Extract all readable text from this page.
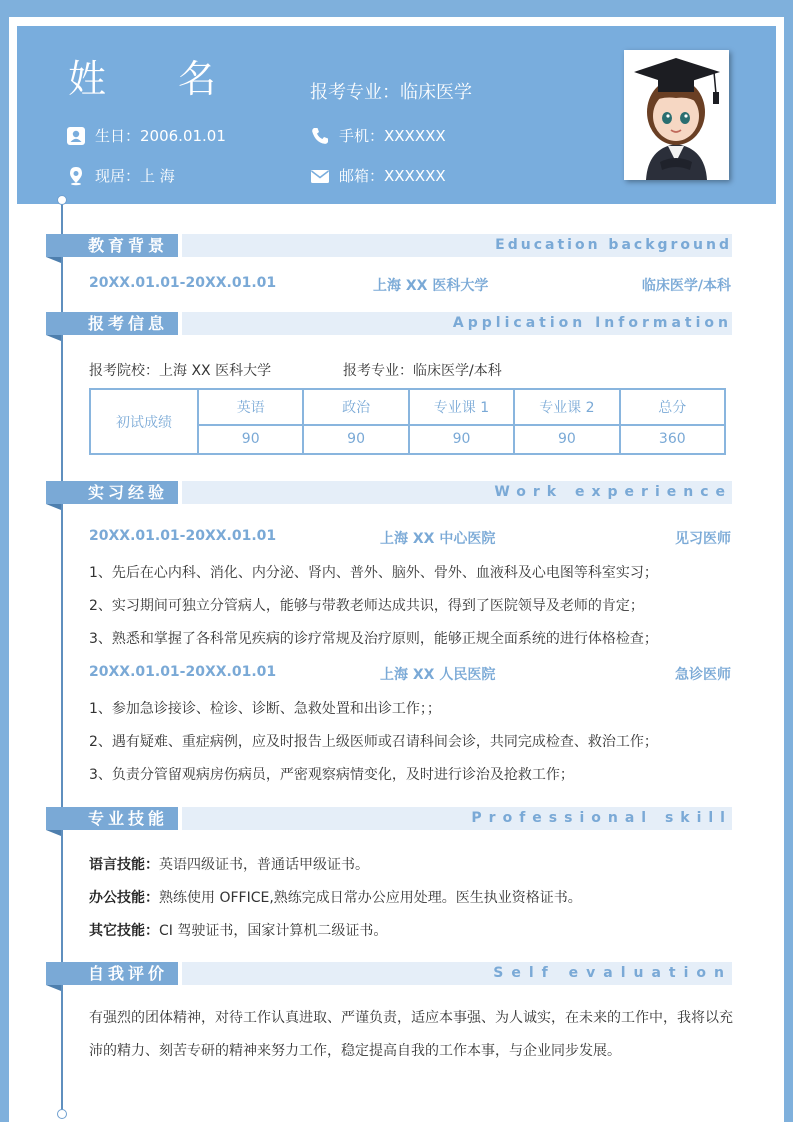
姓名 报考专业：临床医学
生日：2006.01.01	手机：XXXXXX
现居：上 海	邮箱：XXXXXX
教育背景	Education background
20XX.01.01-20XX.01.01	上海 XX 医科大学	临床医学/本科
报考信息	Application Information
报考院校：上海 XX 医科大学	报考专业：临床医学/本科
初试成绩	英语	政治	专业课 1	专业课 2	总分
	90	90	90	90	360
实习经验	Work experience
20XX.01.01-20XX.01.01	上海 XX 中心医院	见习医师
1、先后在心内科、消化、内分泌、肾内、普外、脑外、骨外、血液科及心电图等科室实习；
2、实习期间可独立分管病人，能够与带教老师达成共识，得到了医院领导及老师的肯定；
3、熟悉和掌握了各科常见疾病的诊疗常规及治疗原则，能够正规全面系统的进行体格检查；
20XX.01.01-20XX.01.01	上海 XX 人民医院	急诊医师
1、参加急诊接诊、检诊、诊断、急救处置和出诊工作；；
2、遇有疑难、重症病例，应及时报告上级医师或召请科间会诊，共同完成检查、救治工作；
3、负责分管留观病房伤病员，严密观察病情变化，及时进行诊治及抢救工作；
专业技能	Professional skill
语言技能：英语四级证书，普通话甲级证书。
办公技能：熟练使用 OFFICE,熟练完成日常办公应用处理。医生执业资格证书。
其它技能：CI 驾驶证书，国家计算机二级证书。
自我评价	Self evaluation
有强烈的团体精神，对待工作认真进取、严谨负责，适应本事强、为人诚实，在未来的工作中，我将以充沛的精力、刻苦专研的精神来努力工作，稳定提高自我的工作本事，与企业同步发展。
